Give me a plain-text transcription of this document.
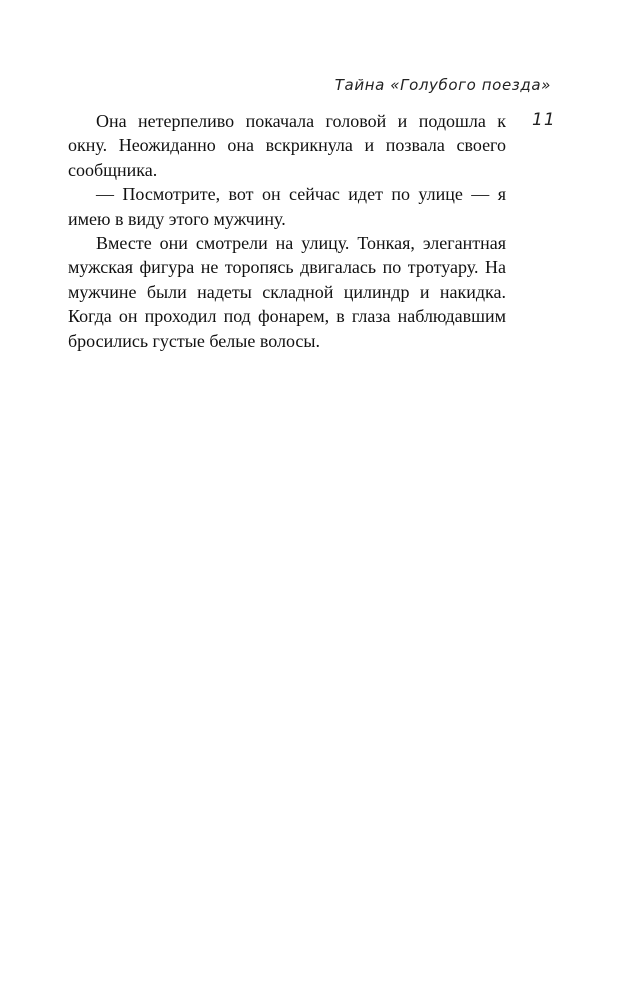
Тайна «Голубого поезда»
11

Она нетерпеливо покачала головой и подошла к окну. Неожиданно она вскрикнула и позвала своего сообщника.

— Посмотрите, вот он сейчас идет по улице — я имею в виду этого мужчину.

Вместе они смотрели на улицу. Тонкая, элегантная мужская фигура не торопясь двигалась по тротуару. На мужчине были надеты складной цилиндр и накидка. Когда он проходил под фонарем, в глаза наблюдавшим бросились густые белые волосы.
